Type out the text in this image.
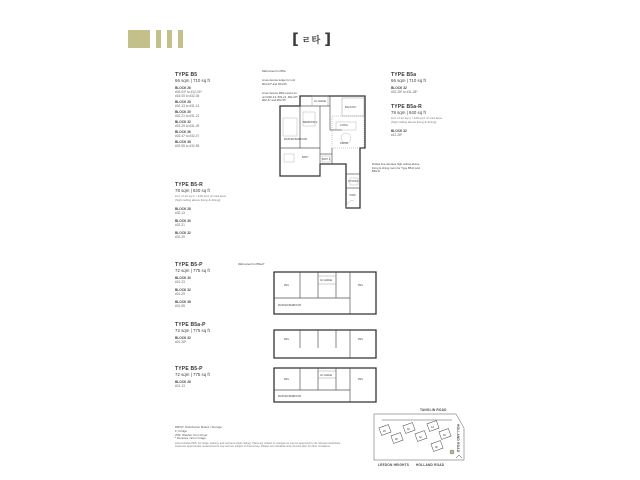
[ ㄹ타 ]
TYPE B5
66 sqm | 710 sq ft
BLOCK 26
#03-04* to #12-04*
#15-05 to #32-05
BLOCK 28
#02-13 to #31-13
BLOCK 30
#02-21 to #31-21
BLOCK 32
#02-29 to #31-29
BLOCK 36
#02-47 to #32-47
BLOCK 38
#02-55 to #32-55
TYPE B5-R
78 sqm | 840 sq ft
incl. of 12 sq m / 129 sq ft of void area
(high ceiling above living & dining)
BLOCK 28
#32-13
BLOCK 30
#32-21
BLOCK 32
#32-29
TYPE B5a
66 sqm | 710 sq ft
BLOCK 32
#02-28* to #11-28*
TYPE B5a-R
78 sqm | 840 sq ft
incl. of 12 sq m / 129 sq ft of void area
(high ceiling above living & dining)
BLOCK 32
#12-28*
TYPE B5-P
72 sqm | 775 sq ft
BLOCK 30
#01-23
BLOCK 32
#01-29
BLOCK 38
#01-55
TYPE B5a-P
72 sqm | 775 sq ft
BLOCK 32
#01-28*
TYPE B5-P
72 sqm | 775 sq ft
BLOCK 28
#01-13
Wall extent for B5a
Lines denote ledge for unit #04-04* and #04-05
Lines denote PES extent for unit #02-13, #02-21, #02-29*, #02-47 and #02-55
Dotted line denotes high ceiling above living & dining room for Type B5-R and B5a-R
Wall extent for B5a-P
AC LEDGE
BALCONY
BEDROOM 2
MASTER BEDROOM
LIVING
DINING
BATH
BATH 2
KITCHEN
YARD
PES
AC LEDGE
PES
MASTER BEDROOM
PES	PES
PES
AC LEDGE
PES
MASTER BEDROOM
DB/ST: Distribution Board / Storage
F: Fridge
WM: Washer Cum Dryer
* Denotes mirror image
Area includes PES, AC ledge, balcony and void area (high ceiling). Plans are subject to changes as may be approved by the relevant authorities. Areas are approximate measurements only and are subject to final survey. Please see individual units and site plan for other conditions.
26
28
30
32
34
36
38
TANGLIN ROAD
LEEDON HEIGHTS HOLLAND ROAD
HOLLAND ROAD
